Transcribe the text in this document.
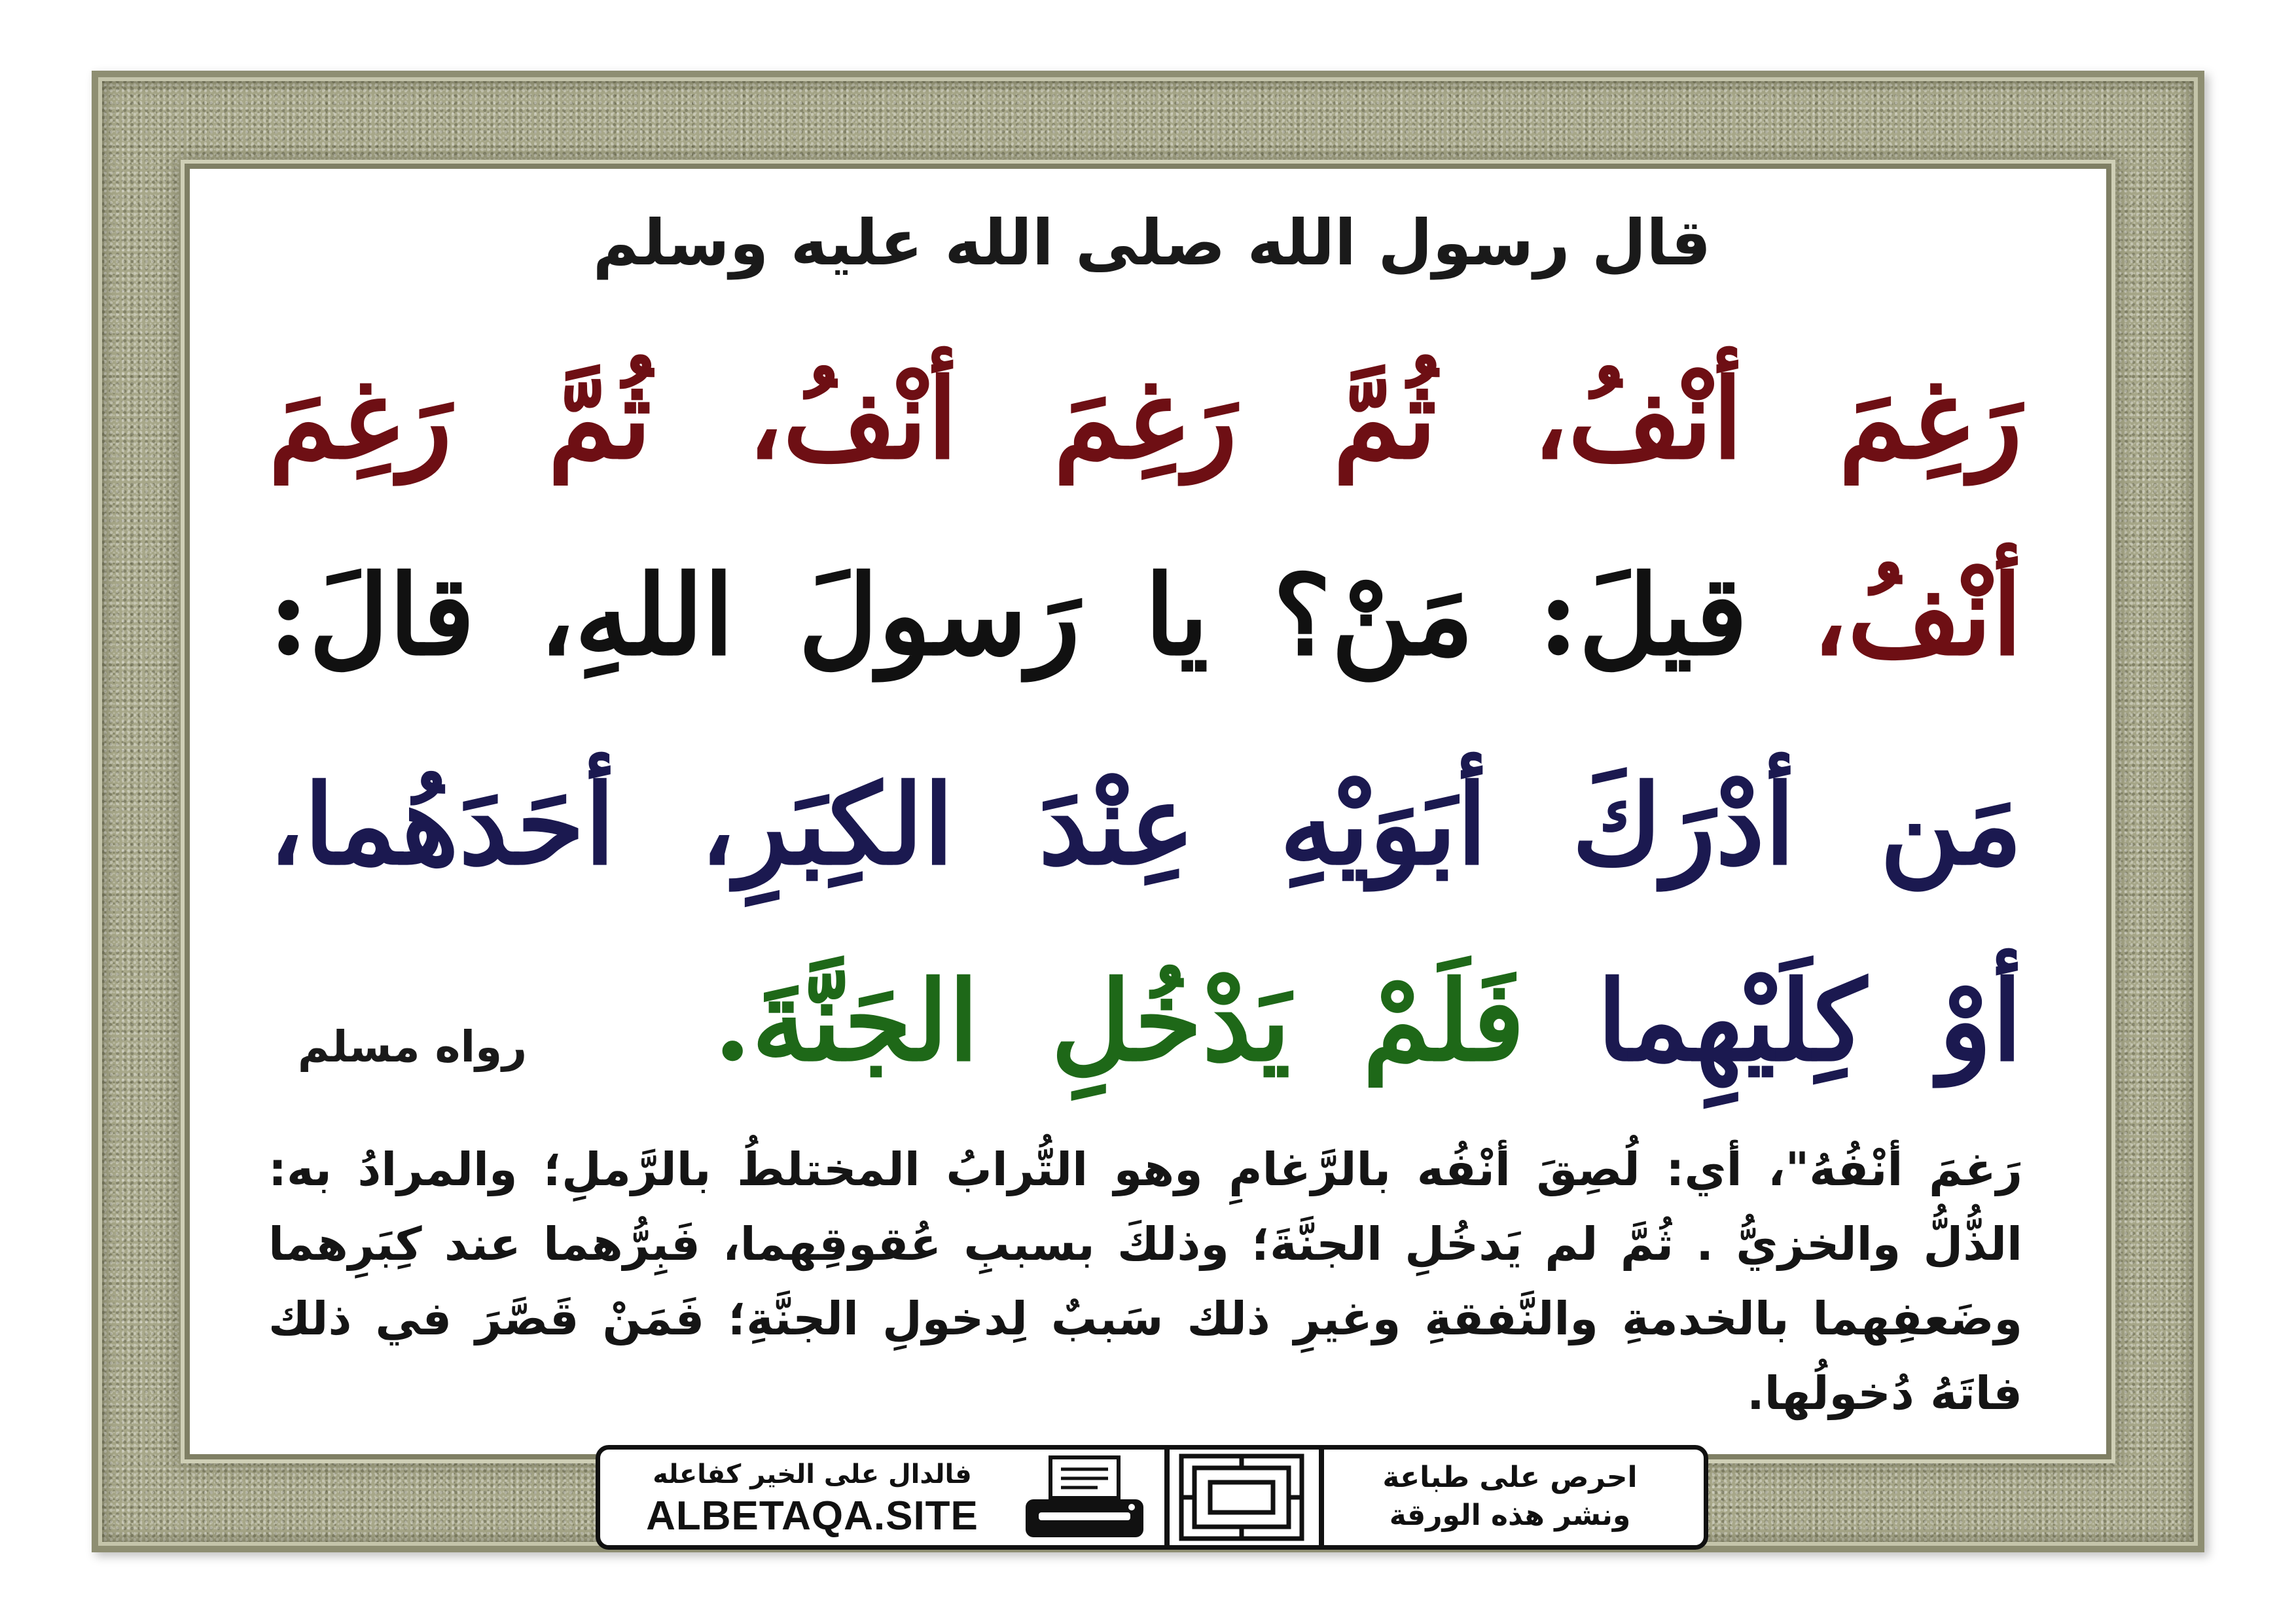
قال رسول الله صلى الله عليه وسلم
رَغِمَ أنْفُ، ثُمَّ رَغِمَ أنْفُ، ثُمَّ رَغِمَ
أنْفُ، قيلَ: مَنْ؟ يا رَسولَ اللهِ، قالَ:
مَن أدْرَكَ أبَوَيْهِ عِنْدَ الكِبَرِ، أحَدَهُما،
أوْ كِلَيْهِما فَلَمْ يَدْخُلِ الجَنَّةَ.
رواه مسلم
رَغمَ أنْفُهُ"، أي: لُصِقَ أنْفُه بالرَّغامِ وهو التُّرابُ المختلطُ بالرَّملِ؛ والمرادُ به: الذُّلُّ والخزيُّ . ثُمَّ لم يَدخُلِ الجنَّةَ؛ وذلكَ بسببِ عُقوقِهما، فَبِرُّهما عند كِبَرِهما وضَعفِهما بالخدمةِ والنَّفقةِ وغيرِ ذلك سَببٌ لِدخولِ الجنَّةِ؛ فَمَنْ قَصَّرَ في ذلك فاتَهُ دُخولُها.
فالدال على الخير كفاعله
ALBETAQA.SITE
احرص على طباعة
ونشر هذه الورقة
